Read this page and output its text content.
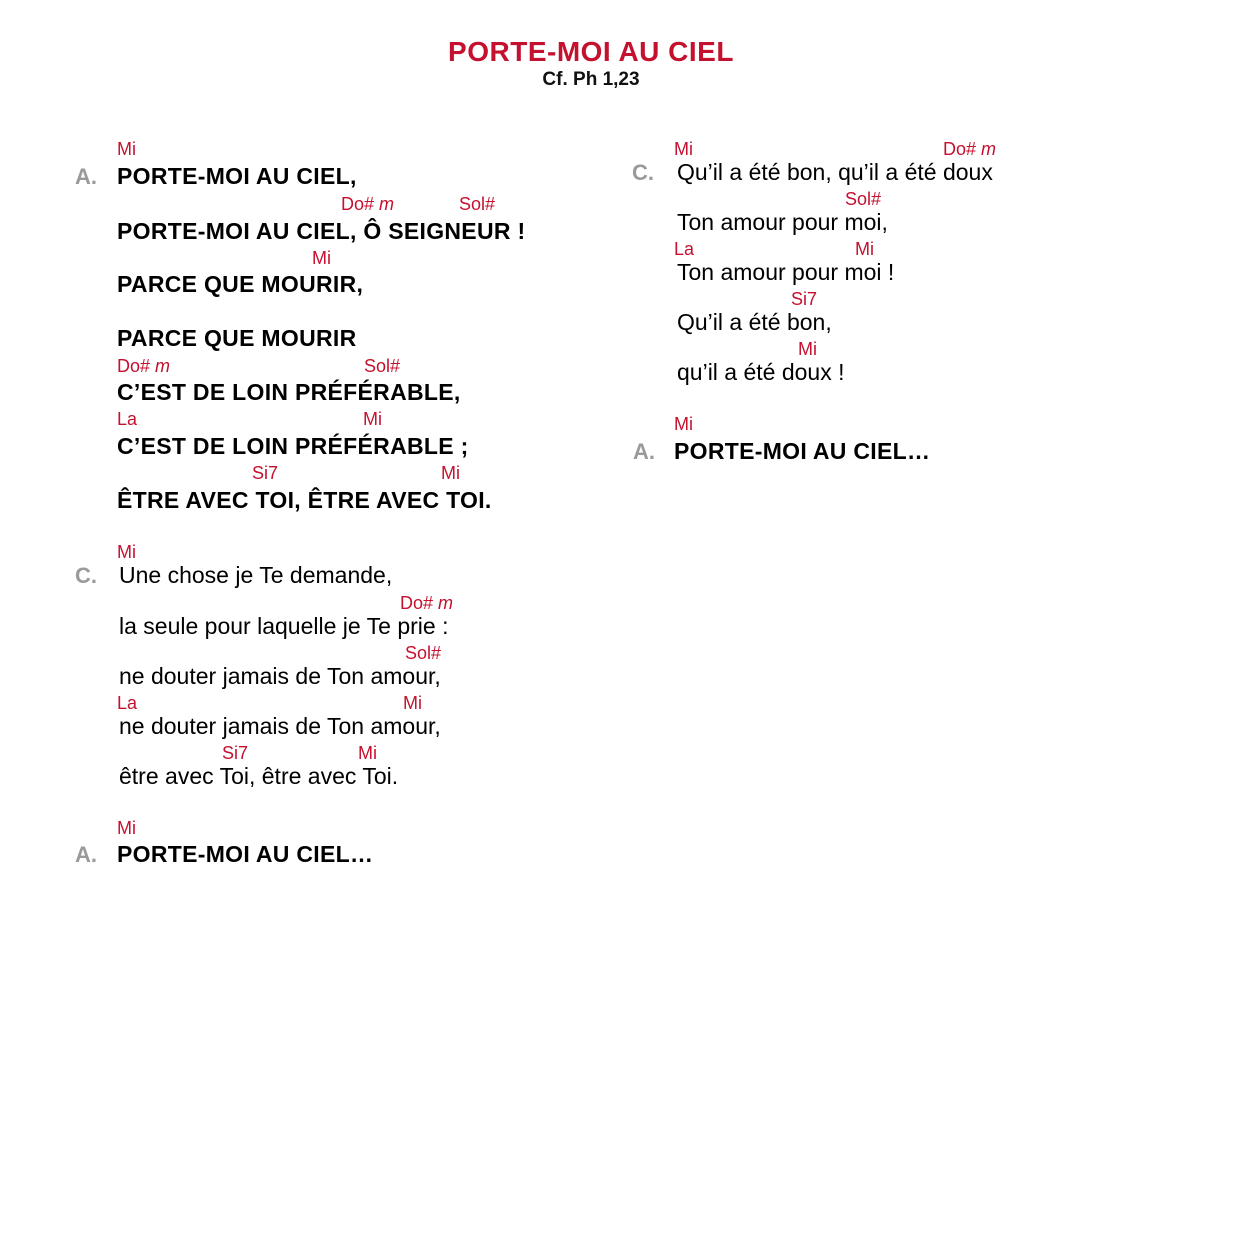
PORTE-MOI AU CIEL
Cf. Ph 1,23
Mi
A. PORTE-MOI AU CIEL,
Do# m	Sol#
PORTE-MOI AU CIEL, Ô SEIGNEUR !
Mi
PARCE QUE MOURIR,
PARCE QUE MOURIR
Do# m	Sol#
C’EST DE LOIN PRÉFÉRABLE,
La	Mi
C’EST DE LOIN PRÉFÉRABLE ;
Si7	Mi
ÊTRE AVEC TOI, ÊTRE AVEC TOI.
Mi
C. Une chose je Te demande,
Do# m
la seule pour laquelle je Te prie :
Sol#
ne douter jamais de Ton amour,
La	Mi
ne douter jamais de Ton amour,
Si7	Mi
être avec Toi, être avec Toi.
Mi
A. PORTE-MOI AU CIEL…
Mi	Do# m
C. Qu’il a été bon, qu’il a été doux
Sol#
Ton amour pour moi,
La	Mi
Ton amour pour moi !
Si7
Qu’il a été bon,
Mi
qu’il a été doux !
Mi
A. PORTE-MOI AU CIEL…
